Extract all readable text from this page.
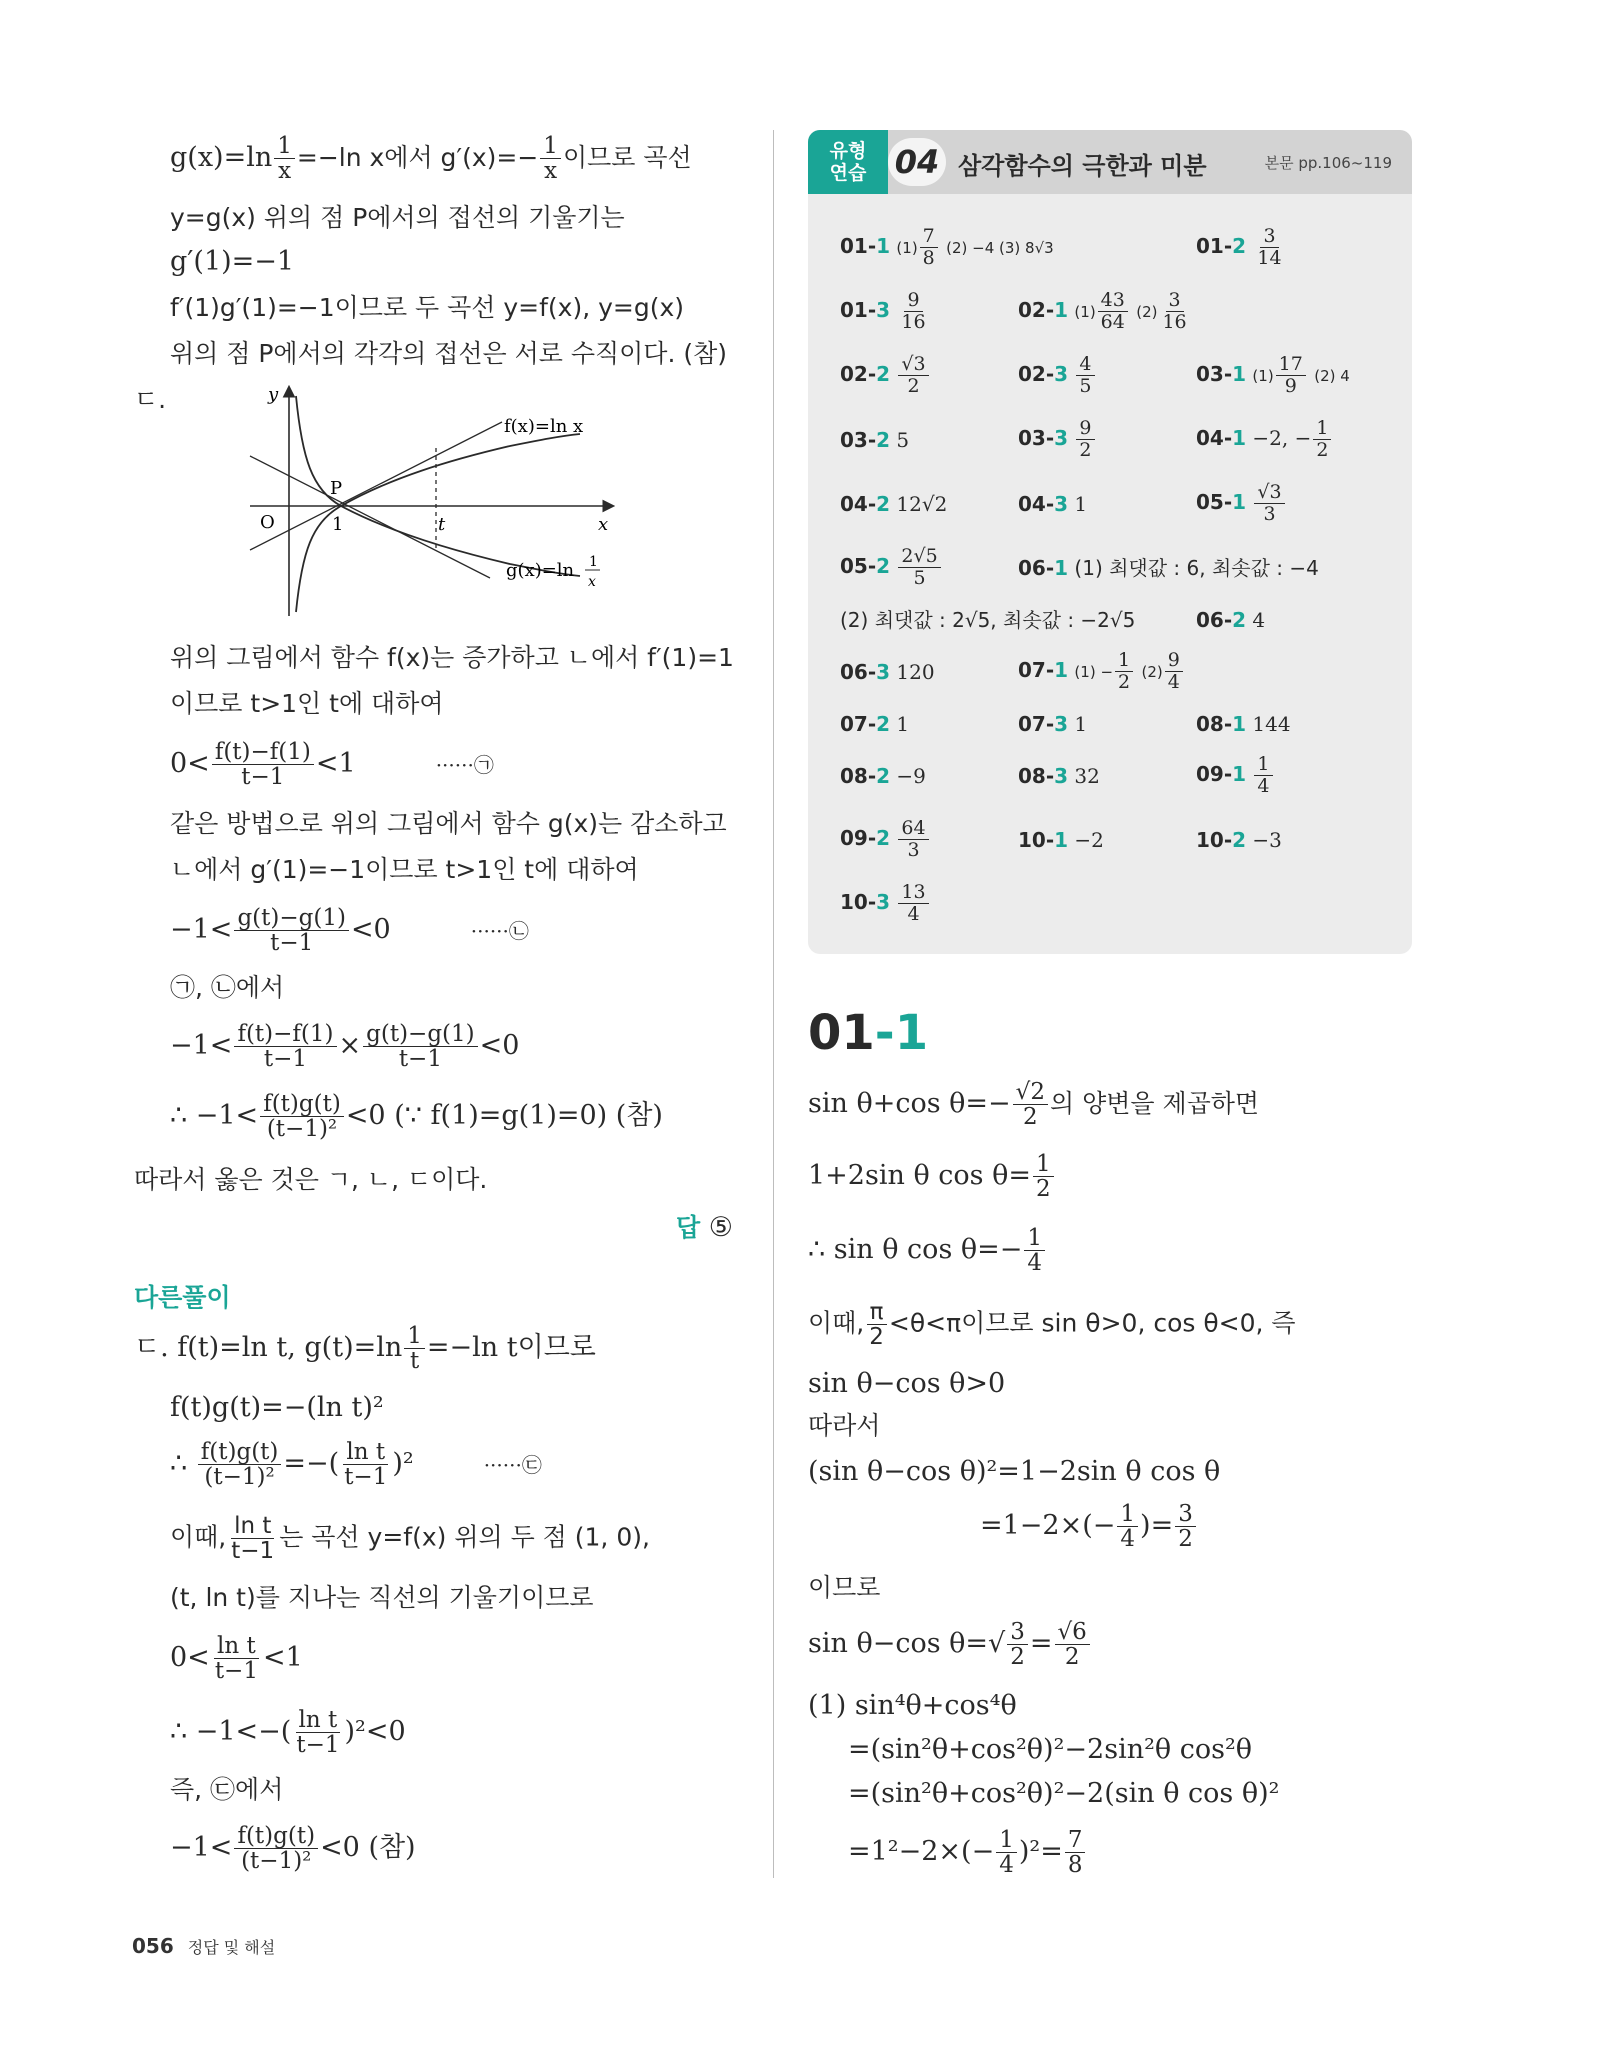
$g(x)=\ln \frac{1}{x} =-\ln$ x에서 $g'(x)=- \frac{1}{x}$ 이므로 곡선
y=g(x) 위의 점 P에서의 접선의 기울기는
g′(1)=−1
f′(1)g′(1)=−1이므로 두 곡선 y=f(x), y=g(x)
위의 점 P에서의 각각의 접선은 서로 수직이다. (참)
ㄷ.	y
x
O
P
1	t
f(x)=ln x
g(x)=ln 1
x
위의 그림에서 함수 f(x)는 증가하고 ㄴ에서 f′(1)=1
이므로 t>1인 t에 대하여
$0< \frac{f(t)-f(1)}{t-1} <1$	······㉠
같은 방법으로 위의 그림에서 함수 g(x)는 감소하고
ㄴ에서 g′(1)=−1이므로 t>1인 t에 대하여
$-1< \frac{g(t)-g(1)}{t-1} <0$	······㉡
㉠, ㉡에서
$-1< \frac{f(t)-f(1)}{t-1} \times \frac{g(t)-g(1)}{t-1} <0$
∴ $-1< \frac{f(t)g(t)}{\text{(t−1)²}} <0$ (∵ f(1)=g(1)=0) (참)
따라서 옳은 것은 ㄱ, ㄴ, ㄷ이다.
답 ⑤
다른풀이
ㄷ. f(t)=ln t, $g(t)=\ln \frac{1}{t} =-\ln$ t이므로
f(t)g(t)=−(ln t)²
∴ $\frac{f(t)g(t)}{\text{(t−1)²}}$ =−( $\frac{\text{ln t}}{t-1} )^2$	······㉢
이때, $\frac{\text{ln t}}{t-1}$ 는 곡선 y=f(x) 위의 두 점 (1, 0),
(t, ln t)를 지나는 직선의 기울기이므로
$0< \frac{\text{ln t}}{t-1} <1$
∴ $-1<-( \frac{\text{ln t}}{t-1} )^2<0$
즉, ㉢에서
$-1< \frac{f(t)g(t)}{\text{(t−1)²}} <0$ (참)
유형
연습 04 삼각함수의 극한과 미분	본문 pp.106~119
01-1 $(1) \frac{7}{8} (2) -4$ (3) 8√3	$01-2 \frac{3}{14}$
$01-3 \frac{9}{16}$	02-1 $(1) \frac{43}{64} (2) \frac{3}{16}$
$02-2 \frac{√3}{2}$	$02-3 \frac{4}{5}$	03-1 $(1) \frac{17}{9} (2)$ 4
03-2 5	$03-3 \frac{9}{2}$	04-1 −2, − $\frac{1}{2}$
04-2 12√2	04-3 1	$05-1 \frac{√3}{3}$
$05-2 \frac{2√5}{5}$	06-1 (1) 최댓값 : 6, 최솟값 : −4
(2) 최댓값 : 2√5, 최솟값 : −2√5	06-2 4
06-3 120	07-1 $(1) - \frac{1}{2} (2) \frac{9}{4}$
07-2 1	07-3 1	08-1 144
08-2 −9	08-3 32	$09-1 \frac{1}{4}$
$09-2 \frac{64}{3}$	10-1 −2	10-2 −3
$10-3 \frac{13}{4}$
01-1
sin θ+cos $\theta=- \frac{√2}{2}$ 의 양변을 제곱하면
1+2sin θ $\cos \theta= \frac{1}{2}$
∴ sin θ $\cos \theta=- \frac{1}{4}$
이때, $\frac{\pi}{2} <\theta<\pi$이므로 sin θ>0, cos θ<0, 즉
sin θ−cos θ>0
따라서
(sin θ−cos θ)²=1−2sin θ cos θ
$=1-2\times(- \frac{1}{4}$ )= $\frac{3}{2}$
이므로
sin θ−cos $\theta=√ \frac{3}{2} = \frac{√6}{2}$
(1) sin⁴θ+cos⁴θ
=(sin²θ+cos²θ)²−2sin²θ cos²θ
=(sin²θ+cos²θ)²−2(sin θ cos θ)²
$=1^2-2\times(- \frac{1}{4} )^2= \frac{7}{8}$
056 정답 및 해설
